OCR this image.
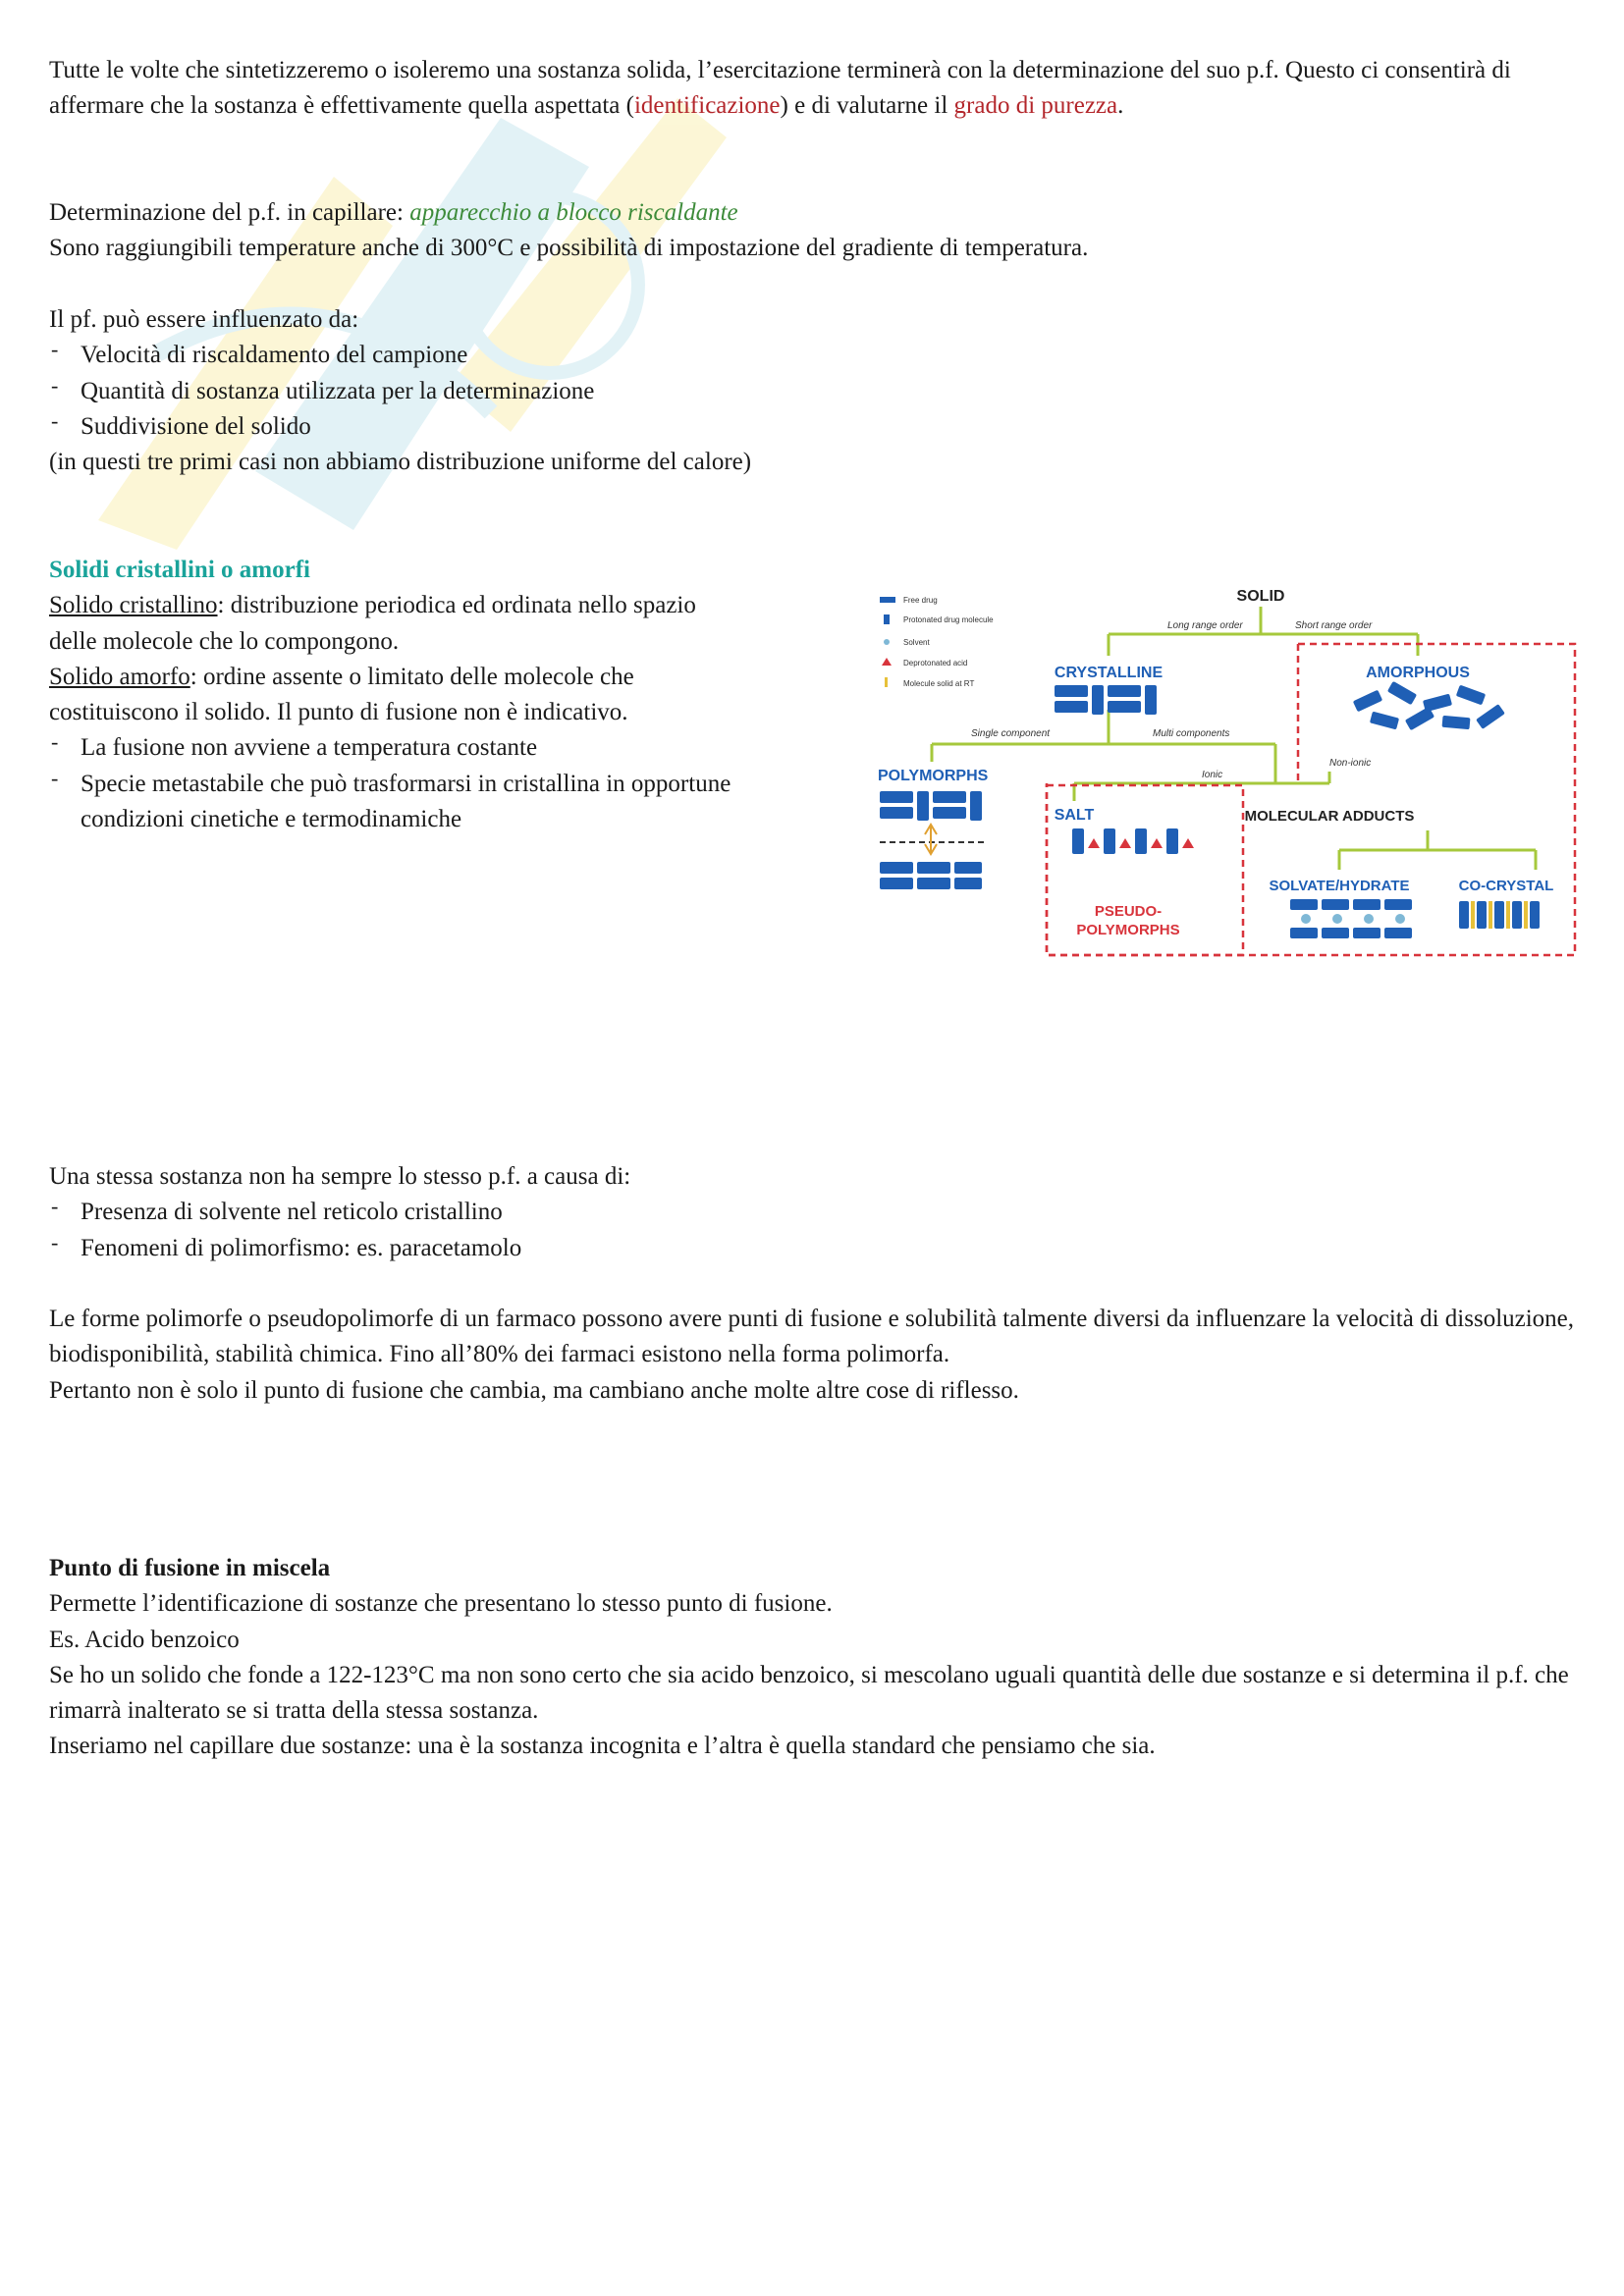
Tutte le volte che sintetizzeremo o isoleremo una sostanza solida, l’esercitazione terminerà con la determinazione del suo p.f. Questo ci consentirà di affermare che la sostanza è effettivamente quella aspettata (identificazione) e di valutarne il grado di purezza.
Determinazione del p.f. in capillare: apparecchio a blocco riscaldante
Sono raggiungibili temperature anche di 300°C e possibilità di impostazione del gradiente di temperatura.
Il pf. può essere influenzato da:
‐ Velocità di riscaldamento del campione
‐ Quantità di sostanza utilizzata per la determinazione
‐ Suddivisione del solido
(in questi tre primi casi non abbiamo distribuzione uniforme del calore)
Solidi cristallini o amorfi
Solido cristallino: distribuzione periodica ed ordinata nello spazio
delle molecole che lo compongono.
Solido amorfo: ordine assente o limitato delle molecole che
costituiscono il solido. Il punto di fusione non è indicativo.
‐ La fusione non avviene a temperatura costante
‐ Specie metastabile che può trasformarsi in cristallina in opportune
condizioni cinetiche e termodinamiche
Free drug
Protonated drug molecule
Solvent
Deprotonated acid
Molecule solid at RT
SOLID
CRYSTALLINE	AMORPHOUS
POLYMORPHS
SALT	MOLECULAR ADDUCTS
SOLVATE/HYDRATE	CO-CRYSTAL
PSEUDO-
POLYMORPHS
Long range order	Short range order
Single component	Multi components
Ionic
Non-ionic
Una stessa sostanza non ha sempre lo stesso p.f. a causa di:
‐ Presenza di solvente nel reticolo cristallino
‐ Fenomeni di polimorfismo: es. paracetamolo
Le forme polimorfe o pseudopolimorfe di un farmaco possono avere punti di fusione e solubilità talmente diversi da influenzare la velocità di dissoluzione, biodisponibilità, stabilità chimica. Fino all’80% dei farmaci esistono nella forma polimorfa.
Pertanto non è solo il punto di fusione che cambia, ma cambiano anche molte altre cose di riflesso.
Punto di fusione in miscela
Permette l’identificazione di sostanze che presentano lo stesso punto di fusione.
Es. Acido benzoico
Se ho un solido che fonde a 122-123°C ma non sono certo che sia acido benzoico, si mescolano uguali quantità delle due sostanze e si determina il p.f. che rimarrà inalterato se si tratta della stessa sostanza.
Inseriamo nel capillare due sostanze: una è la sostanza incognita e l’altra è quella standard che pensiamo che sia.
